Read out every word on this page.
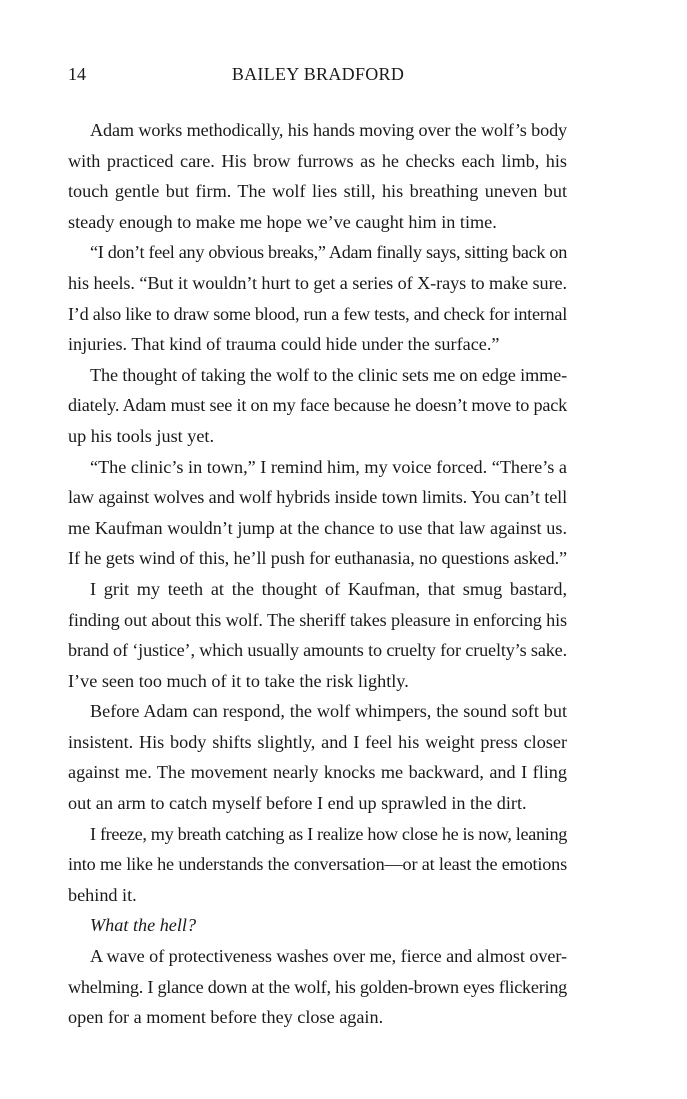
14	BAILEY BRADFORD

Adam works methodically, his hands moving over the wolf’s body
with practiced care. His brow furrows as he checks each limb, his
touch gentle but firm. The wolf lies still, his breathing uneven but
steady enough to make me hope we’ve caught him in time.

“I don’t feel any obvious breaks,” Adam finally says, sitting back on
his heels. “But it wouldn’t hurt to get a series of X-rays to make sure.
I’d also like to draw some blood, run a few tests, and check for internal
injuries. That kind of trauma could hide under the surface.”

The thought of taking the wolf to the clinic sets me on edge imme-
diately. Adam must see it on my face because he doesn’t move to pack
up his tools just yet.

“The clinic’s in town,” I remind him, my voice forced. “There’s a
law against wolves and wolf hybrids inside town limits. You can’t tell
me Kaufman wouldn’t jump at the chance to use that law against us.
If he gets wind of this, he’ll push for euthanasia, no questions asked.”

I grit my teeth at the thought of Kaufman, that smug bastard,
finding out about this wolf. The sheriff takes pleasure in enforcing his
brand of ‘justice’, which usually amounts to cruelty for cruelty’s sake.
I’ve seen too much of it to take the risk lightly.

Before Adam can respond, the wolf whimpers, the sound soft but
insistent. His body shifts slightly, and I feel his weight press closer
against me. The movement nearly knocks me backward, and I fling
out an arm to catch myself before I end up sprawled in the dirt.

I freeze, my breath catching as I realize how close he is now, leaning
into me like he understands the conversation—or at least the emotions
behind it.

What the hell?

A wave of protectiveness washes over me, fierce and almost over-
whelming. I glance down at the wolf, his golden-brown eyes flickering
open for a moment before they close again.
